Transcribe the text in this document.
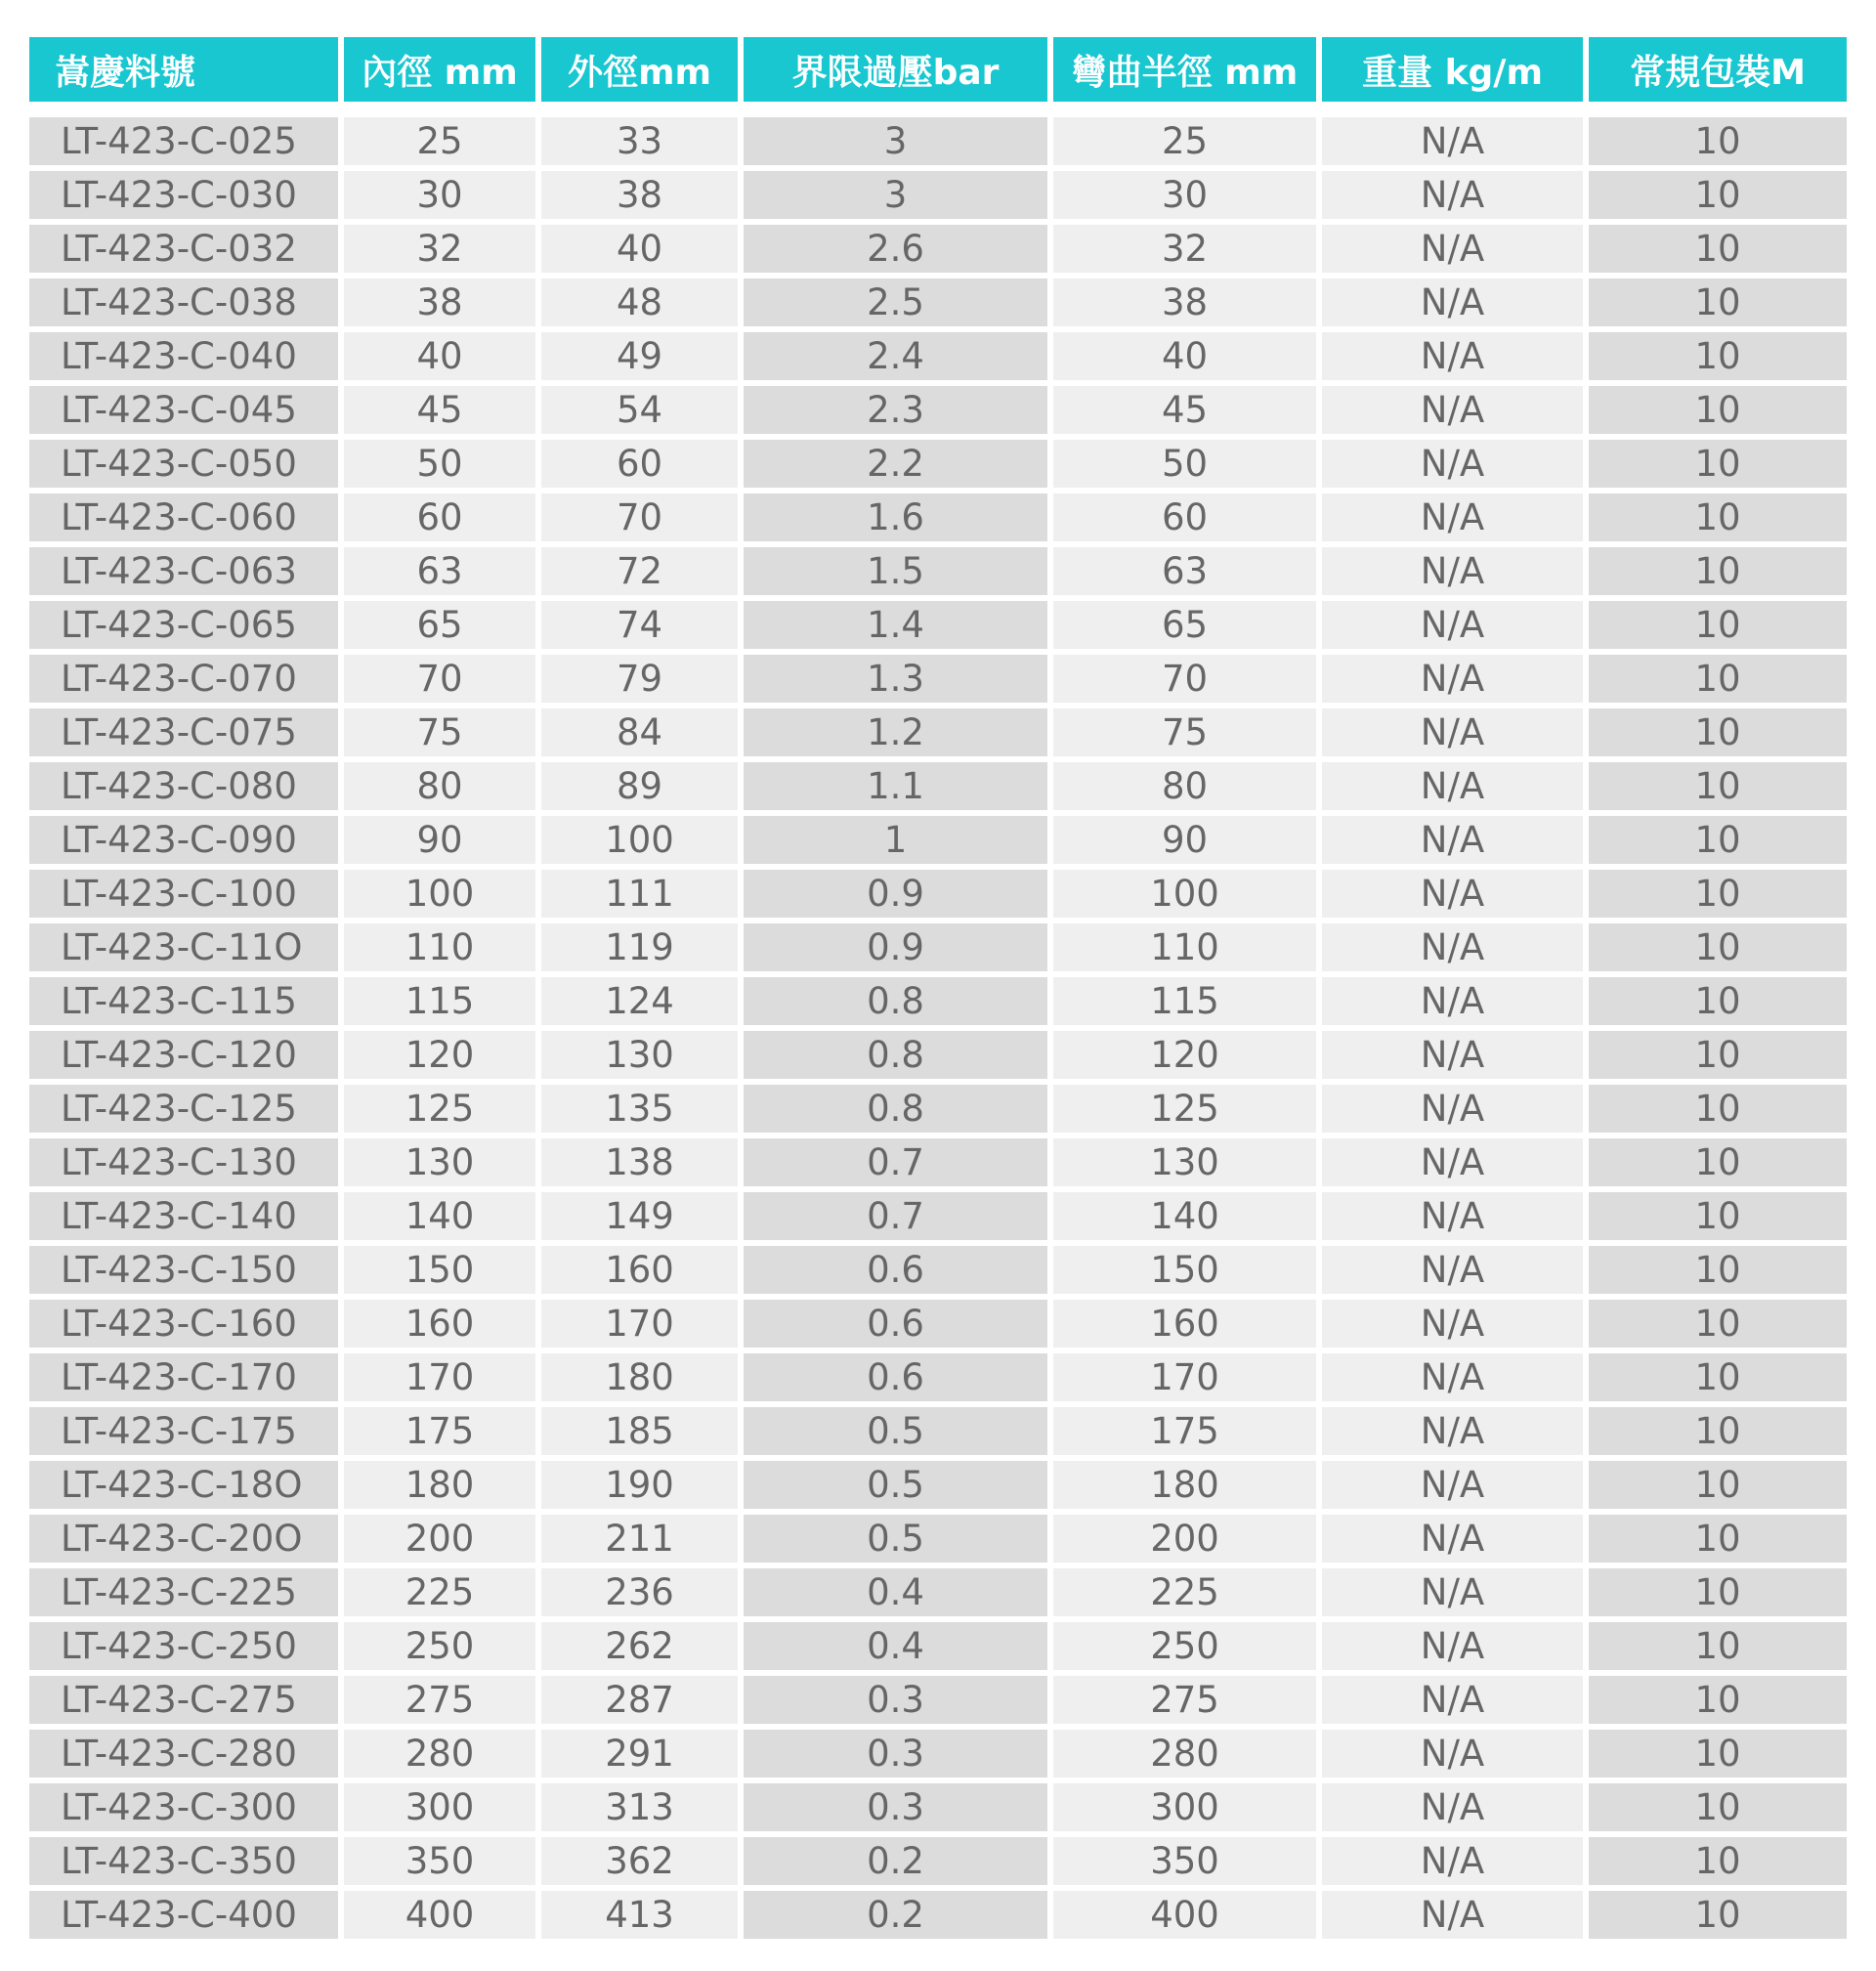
嵩慶料號	內徑 mm	外徑mm	界限過壓bar	彎曲半徑 mm	重量 kg/m	常規包裝M
LT-423-C-025	25	33	3	25	N/A	10
LT-423-C-030	30	38	3	30	N/A	10
LT-423-C-032	32	40	2.6	32	N/A	10
LT-423-C-038	38	48	2.5	38	N/A	10
LT-423-C-040	40	49	2.4	40	N/A	10
LT-423-C-045	45	54	2.3	45	N/A	10
LT-423-C-050	50	60	2.2	50	N/A	10
LT-423-C-060	60	70	1.6	60	N/A	10
LT-423-C-063	63	72	1.5	63	N/A	10
LT-423-C-065	65	74	1.4	65	N/A	10
LT-423-C-070	70	79	1.3	70	N/A	10
LT-423-C-075	75	84	1.2	75	N/A	10
LT-423-C-080	80	89	1.1	80	N/A	10
LT-423-C-090	90	100	1	90	N/A	10
LT-423-C-100	100	111	0.9	100	N/A	10
LT-423-C-11O	110	119	0.9	110	N/A	10
LT-423-C-115	115	124	0.8	115	N/A	10
LT-423-C-120	120	130	0.8	120	N/A	10
LT-423-C-125	125	135	0.8	125	N/A	10
LT-423-C-130	130	138	0.7	130	N/A	10
LT-423-C-140	140	149	0.7	140	N/A	10
LT-423-C-150	150	160	0.6	150	N/A	10
LT-423-C-160	160	170	0.6	160	N/A	10
LT-423-C-170	170	180	0.6	170	N/A	10
LT-423-C-175	175	185	0.5	175	N/A	10
LT-423-C-18O	180	190	0.5	180	N/A	10
LT-423-C-20O	200	211	0.5	200	N/A	10
LT-423-C-225	225	236	0.4	225	N/A	10
LT-423-C-250	250	262	0.4	250	N/A	10
LT-423-C-275	275	287	0.3	275	N/A	10
LT-423-C-280	280	291	0.3	280	N/A	10
LT-423-C-300	300	313	0.3	300	N/A	10
LT-423-C-350	350	362	0.2	350	N/A	10
LT-423-C-400	400	413	0.2	400	N/A	10
